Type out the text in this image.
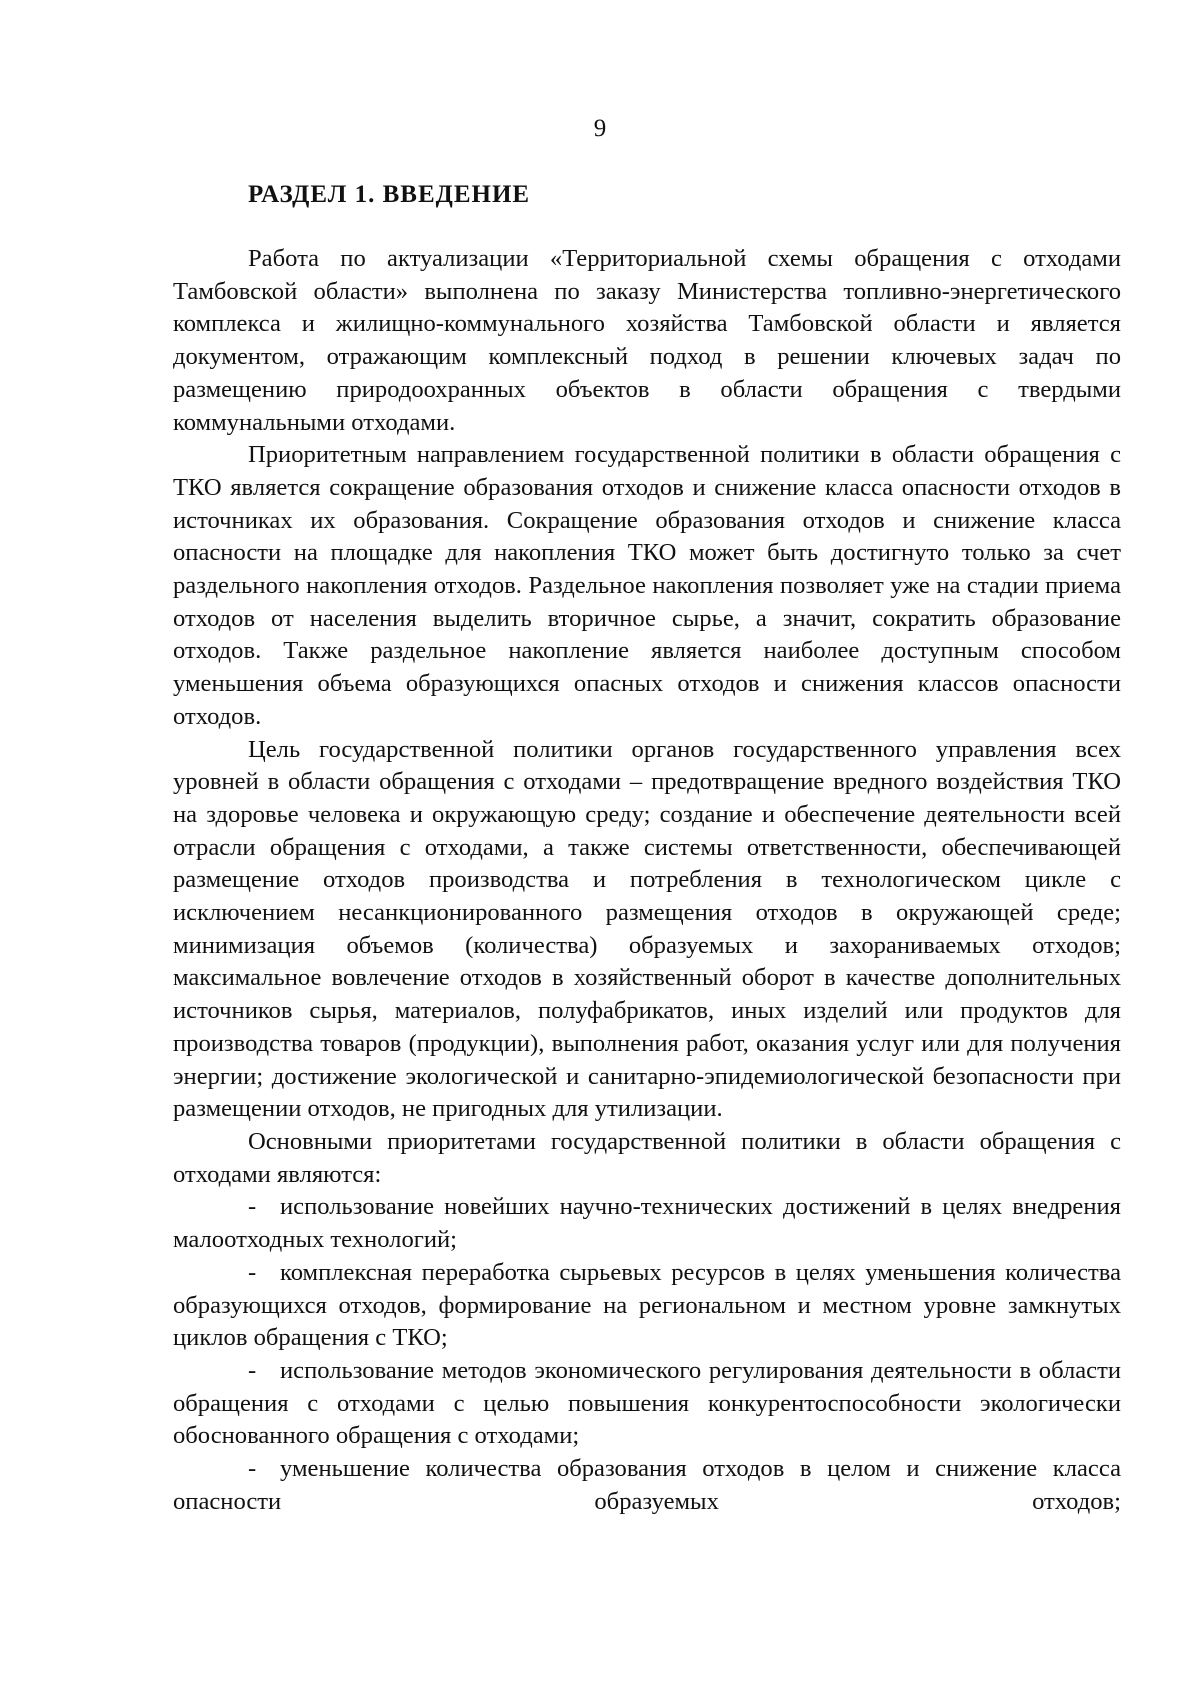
9
РАЗДЕЛ 1. ВВЕДЕНИЕ

Работа по актуализации «Территориальной схемы обращения с отходами Тамбовской области» выполнена по заказу Министерства топливно-энергетического комплекса и жилищно-коммунального хозяйства Тамбовской области и является документом, отражающим комплексный подход в решении ключевых задач по размещению природоохранных объектов в области обращения с твердыми коммунальными отходами.

Приоритетным направлением государственной политики в области обращения с ТКО является сокращение образования отходов и снижение класса опасности отходов в источниках их образования. Сокращение образования отходов и снижение класса опасности на площадке для накопления ТКО может быть достигнуто только за счет раздельного накопления отходов. Раздельное накопления позволяет уже на стадии приема отходов от населения выделить вторичное сырье, а значит, сократить образование отходов. Также раздельное накопление является наиболее доступным способом уменьшения объема образующихся опасных отходов и снижения классов опасности отходов.

Цель государственной политики органов государственного управления всех уровней в области обращения с отходами – предотвращение вредного воздействия ТКО на здоровье человека и окружающую среду; создание и обеспечение деятельности всей отрасли обращения с отходами, а также системы ответственности, обеспечивающей размещение отходов производства и потребления в технологическом цикле с исключением несанкционированного размещения отходов в окружающей среде; минимизация объемов (количества) образуемых и захораниваемых отходов; максимальное вовлечение отходов в хозяйственный оборот в качестве дополнительных источников сырья, материалов, полуфабрикатов, иных изделий или продуктов для производства товаров (продукции), выполнения работ, оказания услуг или для получения энергии; достижение экологической и санитарно-эпидемиологической безопасности при размещении отходов, не пригодных для утилизации.

Основными приоритетами государственной политики в области обращения с отходами являются:

- использование новейших научно-технических достижений в целях внедрения малоотходных технологий;
- комплексная переработка сырьевых ресурсов в целях уменьшения количества образующихся отходов, формирование на региональном и местном уровне замкнутых циклов обращения с ТКО;
- использование методов экономического регулирования деятельности в области обращения с отходами с целью повышения конкурентоспособности экологически обоснованного обращения с отходами;
- уменьшение количества образования отходов в целом и снижение класса опасности образуемых отходов;
